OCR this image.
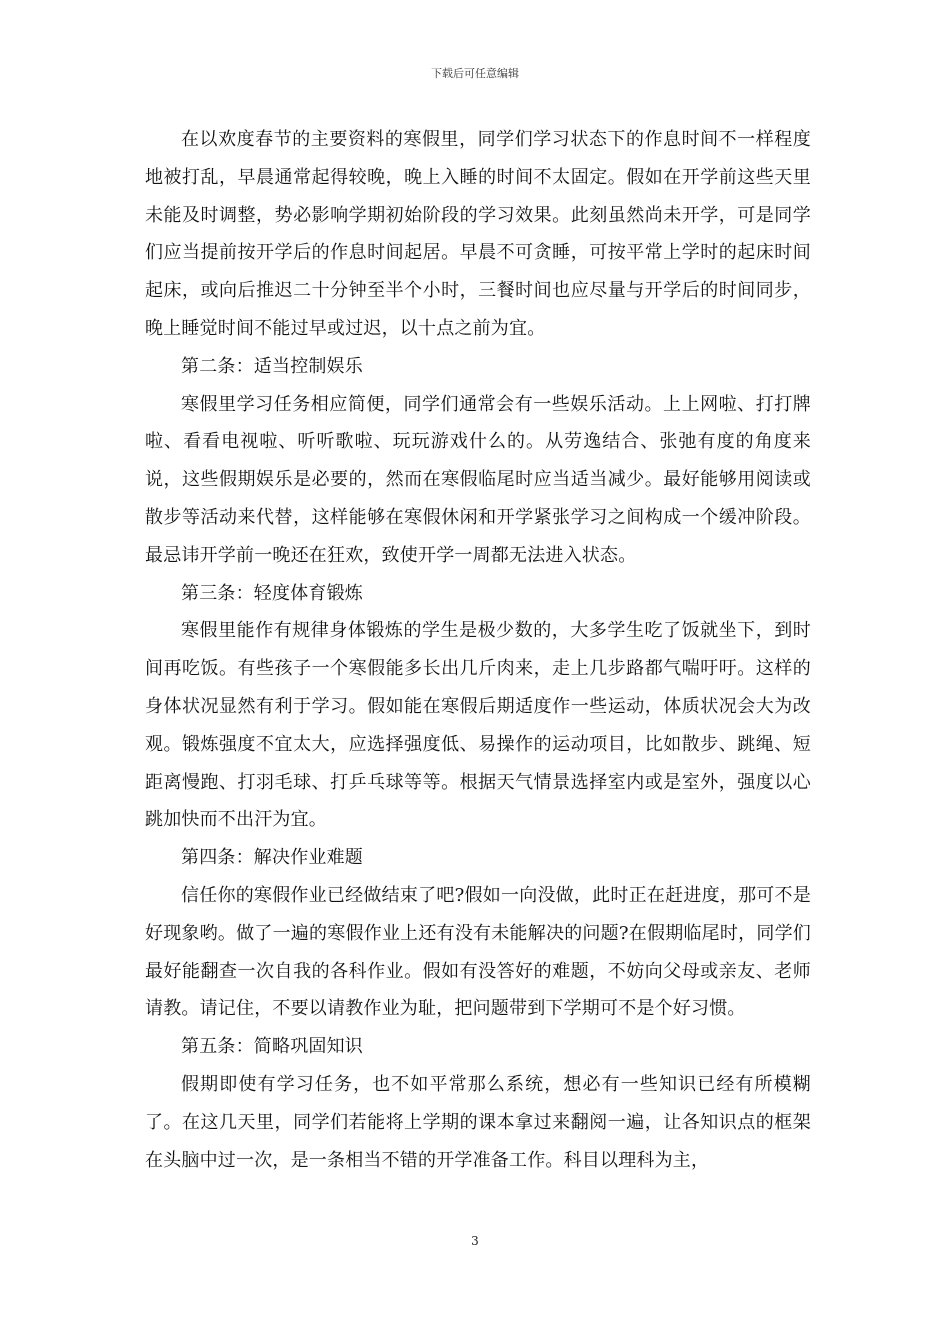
下载后可任意编辑

在以欢度春节的主要资料的寒假里，同学们学习状态下的作息时间不一样程度地被打乱，早晨通常起得较晚，晚上入睡的时间不太固定。假如在开学前这些天里未能及时调整，势必影响学期初始阶段的学习效果。此刻虽然尚未开学，可是同学们应当提前按开学后的作息时间起居。早晨不可贪睡，可按平常上学时的起床时间起床，或向后推迟二十分钟至半个小时，三餐时间也应尽量与开学后的时间同步，晚上睡觉时间不能过早或过迟，以十点之前为宜。

第二条：适当控制娱乐

寒假里学习任务相应简便，同学们通常会有一些娱乐活动。上上网啦、打打牌啦、看看电视啦、听听歌啦、玩玩游戏什么的。从劳逸结合、张弛有度的角度来说，这些假期娱乐是必要的，然而在寒假临尾时应当适当减少。最好能够用阅读或散步等活动来代替，这样能够在寒假休闲和开学紧张学习之间构成一个缓冲阶段。最忌讳开学前一晚还在狂欢，致使开学一周都无法进入状态。

第三条：轻度体育锻炼

寒假里能作有规律身体锻炼的学生是极少数的，大多学生吃了饭就坐下，到时间再吃饭。有些孩子一个寒假能多长出几斤肉来，走上几步路都气喘吁吁。这样的身体状况显然有利于学习。假如能在寒假后期适度作一些运动，体质状况会大为改观。锻炼强度不宜太大，应选择强度低、易操作的运动项目，比如散步、跳绳、短距离慢跑、打羽毛球、打乒乓球等等。根据天气情景选择室内或是室外，强度以心跳加快而不出汗为宜。

第四条：解决作业难题

信任你的寒假作业已经做结束了吧?假如一向没做，此时正在赶进度，那可不是好现象哟。做了一遍的寒假作业上还有没有未能解决的问题?在假期临尾时，同学们最好能翻查一次自我的各科作业。假如有没答好的难题，不妨向父母或亲友、老师请教。请记住，不要以请教作业为耻，把问题带到下学期可不是个好习惯。

第五条：简略巩固知识

假期即使有学习任务，也不如平常那么系统，想必有一些知识已经有所模糊了。在这几天里，同学们若能将上学期的课本拿过来翻阅一遍，让各知识点的框架在头脑中过一次，是一条相当不错的开学准备工作。科目以理科为主，

3
